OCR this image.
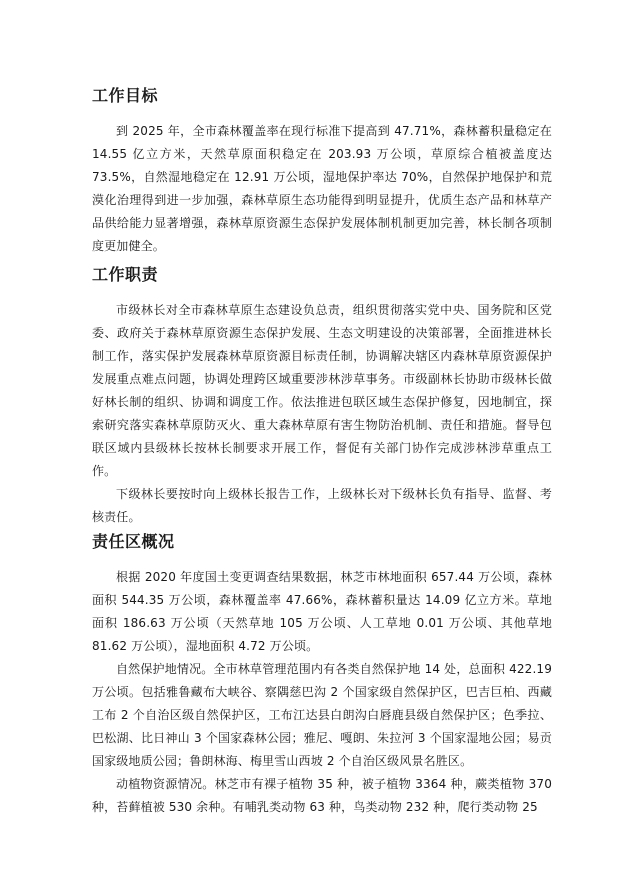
工作目标

到 2025 年，全市森林覆盖率在现行标准下提高到 47.71%，森林蓄积量稳定在 14.55 亿立方米，天然草原面积稳定在 203.93 万公顷，草原综合植被盖度达 73.5%，自然湿地稳定在 12.91 万公顷，湿地保护率达 70%，自然保护地保护和荒漠化治理得到进一步加强，森林草原生态功能得到明显提升，优质生态产品和林草产品供给能力显著增强，森林草原资源生态保护发展体制机制更加完善，林长制各项制度更加健全。

工作职责

市级林长对全市森林草原生态建设负总责，组织贯彻落实党中央、国务院和区党委、政府关于森林草原资源生态保护发展、生态文明建设的决策部署，全面推进林长制工作，落实保护发展森林草原资源目标责任制，协调解决辖区内森林草原资源保护发展重点难点问题，协调处理跨区域重要涉林涉草事务。市级副林长协助市级林长做好林长制的组织、协调和调度工作。依法推进包联区域生态保护修复，因地制宜，探索研究落实森林草原防灭火、重大森林草原有害生物防治机制、责任和措施。督导包联区域内县级林长按林长制要求开展工作，督促有关部门协作完成涉林涉草重点工作。

下级林长要按时向上级林长报告工作，上级林长对下级林长负有指导、监督、考核责任。

责任区概况

根据 2020 年度国土变更调查结果数据，林芝市林地面积 657.44 万公顷，森林面积 544.35 万公顷，森林覆盖率 47.66%，森林蓄积量达 14.09 亿立方米。草地面积 186.63 万公顷（天然草地 105 万公顷、人工草地 0.01 万公顷、其他草地 81.62 万公顷），湿地面积 4.72 万公顷。

自然保护地情况。全市林草管理范围内有各类自然保护地 14 处，总面积 422.19 万公顷。包括雅鲁藏布大峡谷、察隅慈巴沟 2 个国家级自然保护区，巴吉巨柏、西藏工布 2 个自治区级自然保护区，工布江达县白朗沟白唇鹿县级自然保护区；色季拉、巴松湖、比日神山 3 个国家森林公园；雅尼、嘎朗、朱拉河 3 个国家湿地公园；易贡国家级地质公园；鲁朗林海、梅里雪山西坡 2 个自治区级风景名胜区。

动植物资源情况。林芝市有裸子植物 35 种，被子植物 3364 种，蕨类植物 370 种，苔藓植被 530 余种。有哺乳类动物 63 种，鸟类动物 232 种，爬行类动物 25
